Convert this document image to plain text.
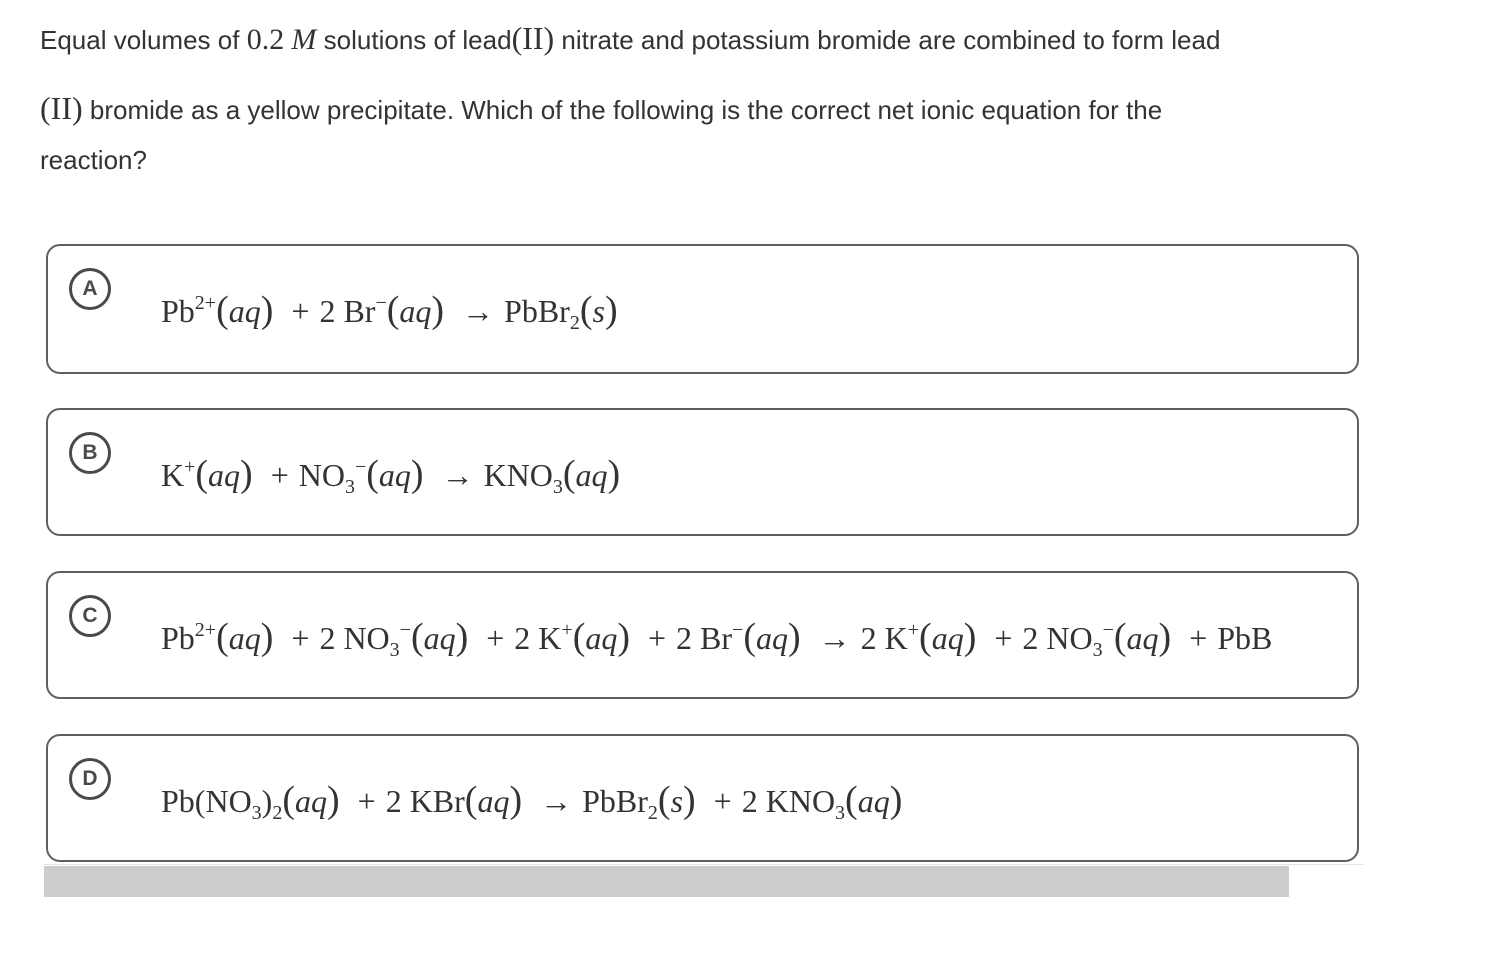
Equal volumes of 0.2 M solutions of lead(II) nitrate and potassium bromide are combined to form lead
(II) bromide as a yellow precipitate. Which of the following is the correct net ionic equation for the
reaction?
A
$Pb^{2+}(aq) + 2$ Br−(aq) → PbBr$_2$(s)
B
$K^+(aq) + NO_3^-(aq) \to KNO_3(aq)$
C
$Pb^{2+}(aq) + 2$ $NO_3^-(aq) + 2$ K+(aq) + 2 Br−(aq) → 2 K+(aq) + 2 $NO_3^-(aq)$ + PbB
D
$Pb(NO_3)_2(aq) + 2$ KBr(aq) → PbBr$_2$(s) + 2 $KNO_3(aq)$
